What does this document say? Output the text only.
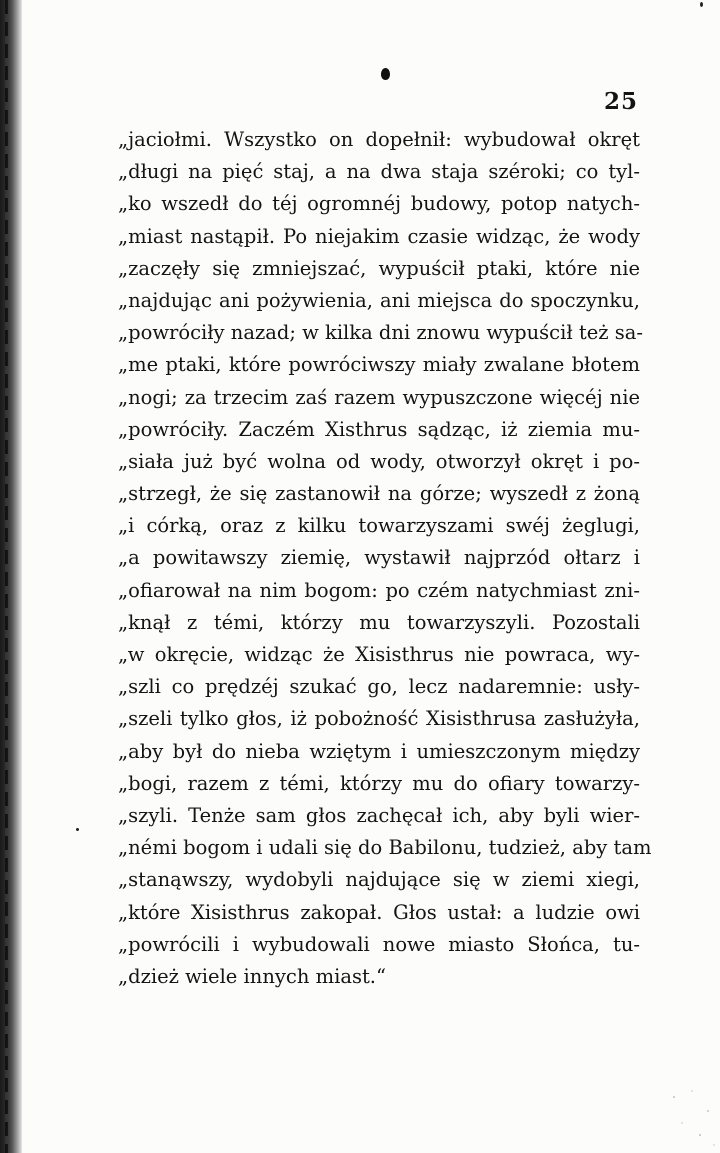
25
„jaciołmi. Wszystko on dopełnił: wybudował okręt
„długi na pięć staj, a na dwa staja széroki; co tyl-
„ko wszedł do téj ogromnéj budowy, potop natych-
„miast nastąpił. Po niejakim czasie widząc, że wody
„zaczęły się zmniejszać, wypuścił ptaki, które nie
„najdując ani pożywienia, ani miejsca do spoczynku,
„powróciły nazad; w kilka dni znowu wypuścił też sa-
„me ptaki, które powróciwszy miały zwalane błotem
„nogi; za trzecim zaś razem wypuszczone więcéj nie
„powróciły. Zaczém Xisthrus sądząc, iż ziemia mu-
„siała już być wolna od wody, otworzył okręt i po-
„strzegł, że się zastanowił na górze; wyszedł z żoną
„i córką, oraz z kilku towarzyszami swéj żeglugi,
„a powitawszy ziemię, wystawił najprzód ołtarz i
„ofiarował na nim bogom: po czém natychmiast zni-
„knął z témi, którzy mu towarzyszyli. Pozostali
„w okręcie, widząc że Xisisthrus nie powraca, wy-
„szli co prędzéj szukać go, lecz nadaremnie: usły-
„szeli tylko głos, iż pobożność Xisisthrusa zasłużyła,
„aby był do nieba wziętym i umieszczonym między
„bogi, razem z témi, którzy mu do ofiary towarzy-
„szyli. Tenże sam głos zachęcał ich, aby byli wier-
„némi bogom i udali się do Babilonu, tudzież, aby tam
„stanąwszy, wydobyli najdujące się w ziemi xiegi,
„które Xisisthrus zakopał. Głos ustał: a ludzie owi
„powrócili i wybudowali nowe miasto Słońca, tu-
„dzież wiele innych miast.“
